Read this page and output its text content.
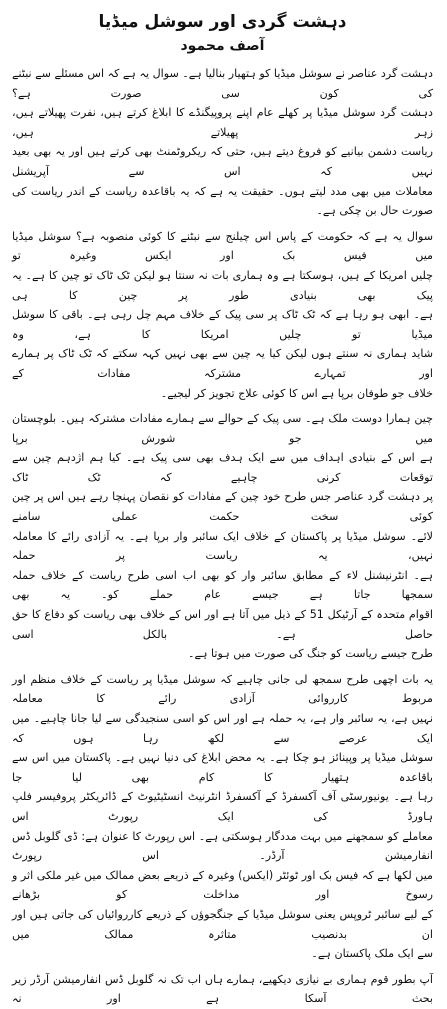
دہشت گردی اور سوشل میڈیا
آصف محمود
دہشت گرد عناصر نے سوشل میڈیا کو ہتھیار بنالیا ہے۔ سوال یہ ہے کہ اس مسئلے سے نبٹنے کی کون سی صورت ہے؟
دہشت گرد سوشل میڈیا پر کھلے عام اپنے پروپیگنڈے کا ابلاغ کرتے ہیں، نفرت پھیلاتے ہیں، زہر پھیلاتے ہیں،
ریاست دشمن بیانیے کو فروغ دیتے ہیں، حتی کہ ریکروٹمنٹ بھی کرتے ہیں اور یہ بھی بعید نہیں کہ اس سے آپریشنل
معاملات میں بھی مدد لیتے ہوں۔ حقیقت یہ ہے کہ یہ باقاعدہ ریاست کے اندر ریاست کی صورت حال بن چکی ہے۔
سوال یہ ہے کہ حکومت کے پاس اس چیلنج سے نبٹنے کا کوئی منصوبہ ہے؟ سوشل میڈیا میں فیس بک اور ایکس وغیرہ تو
چلیں امریکا کے ہیں، ہوسکتا ہے وہ ہماری بات نہ سنتا ہو لیکن ٹک ٹاک تو چین کا ہے۔ یہ پیک بھی بنیادی طور پر چین کا ہی
ہے۔ ابھی ہو رہا ہے کہ ٹک ٹاک پر سی پیک کے خلاف مہم چل رہی ہے۔ باقی کا سوشل میڈیا تو چلیں امریکا کا ہے، وہ
شاید ہماری نہ سنتے ہوں لیکن کیا یہ چین سے بھی نہیں کہہ سکتے کہ ٹک ٹاک پر ہمارے اور تمہارے مشترکہ مفادات کے
خلاف جو طوفان برپا ہے اس کا کوئی علاج تجویز کر لیجیے۔
چین ہمارا دوست ملک ہے۔ سی پیک کے حوالے سے ہمارے مفادات مشترکہ ہیں۔ بلوچستان میں جو شورش برپا
ہے اس کے بنیادی اہداف میں سے ایک ہدف بھی سی پیک ہے۔ کیا ہم اژدہم چین سے توقعات کرنی چاہیے کہ ٹک ٹاک
پر دہشت گرد عناصر جس طرح خود چین کے مفادات کو نقصان پہنچا رہے ہیں اس پر چین کوئی سخت حکمت عملی سامنے
لائے۔ سوشل میڈیا پر پاکستان کے خلاف ایک سائبر وار برپا ہے۔ یہ آزادی رائے کا معاملہ نہیں، یہ ریاست پر حملہ
ہے۔ انٹرنیشنل لاء کے مطابق سائبر وار کو بھی اب اسی طرح ریاست کے خلاف حملہ سمجھا جاتا ہے جیسے عام حملے کو۔ یہ بھی
اقوام متحدہ کے آرٹیکل 51 کے ذیل میں آتا ہے اور اس کے خلاف بھی ریاست کو دفاع کا حق حاصل ہے۔ بالکل اسی
طرح جیسے ریاست کو جنگ کی صورت میں ہوتا ہے۔
یہ بات اچھی طرح سمجھ لی جانی چاہیے کہ سوشل میڈیا پر ریاست کے خلاف منظم اور مربوط کارروائی آزادی رائے کا معاملہ
نہیں ہے، یہ سائبر وار ہے، یہ حملہ ہے اور اس کو اسی سنجیدگی سے لیا جانا چاہیے۔ میں ایک عرصے سے لکھ رہا ہوں کہ
سوشل میڈیا پر وپینائز ہو چکا ہے۔ یہ محض ابلاغ کی دنیا نہیں ہے۔ پاکستان میں اس سے باقاعدہ ہتھیار کا کام بھی لیا جا
رہا ہے۔ یونیورسٹی آف آکسفرڈ کے آکسفرڈ انٹرنیٹ انسٹیٹیوٹ کے ڈائریکٹر پروفیسر فلپ ہاورڈ کی ایک رپورٹ اس
معاملے کو سمجھنے میں بہت مددگار ہوسکتی ہے۔ اس رپورٹ کا عنوان ہے: ڈی گلوبل ڈس انفارمیشن آرڈر۔ اس رپورٹ
میں لکھا ہے کہ فیس بک اور ٹوئٹر (ایکس) وغیرہ کے ذریعے بعض ممالک میں غیر ملکی اثر و رسوخ اور مداخلت کو بڑھانے
کے لیے سائبر ٹروپس یعنی سوشل میڈیا کے جنگجوؤں کے ذریعے کارروائیاں کی جاتی ہیں اور ان بدنصیب متاثرہ ممالک میں
سے ایک ملک پاکستان ہے۔
آپ بطور قوم ہماری بے نیازی دیکھیے، ہمارے ہاں اب تک نہ گلوبل ڈس انفارمیشن آرڈر زیر بحث آسکا ہے اور نہ
